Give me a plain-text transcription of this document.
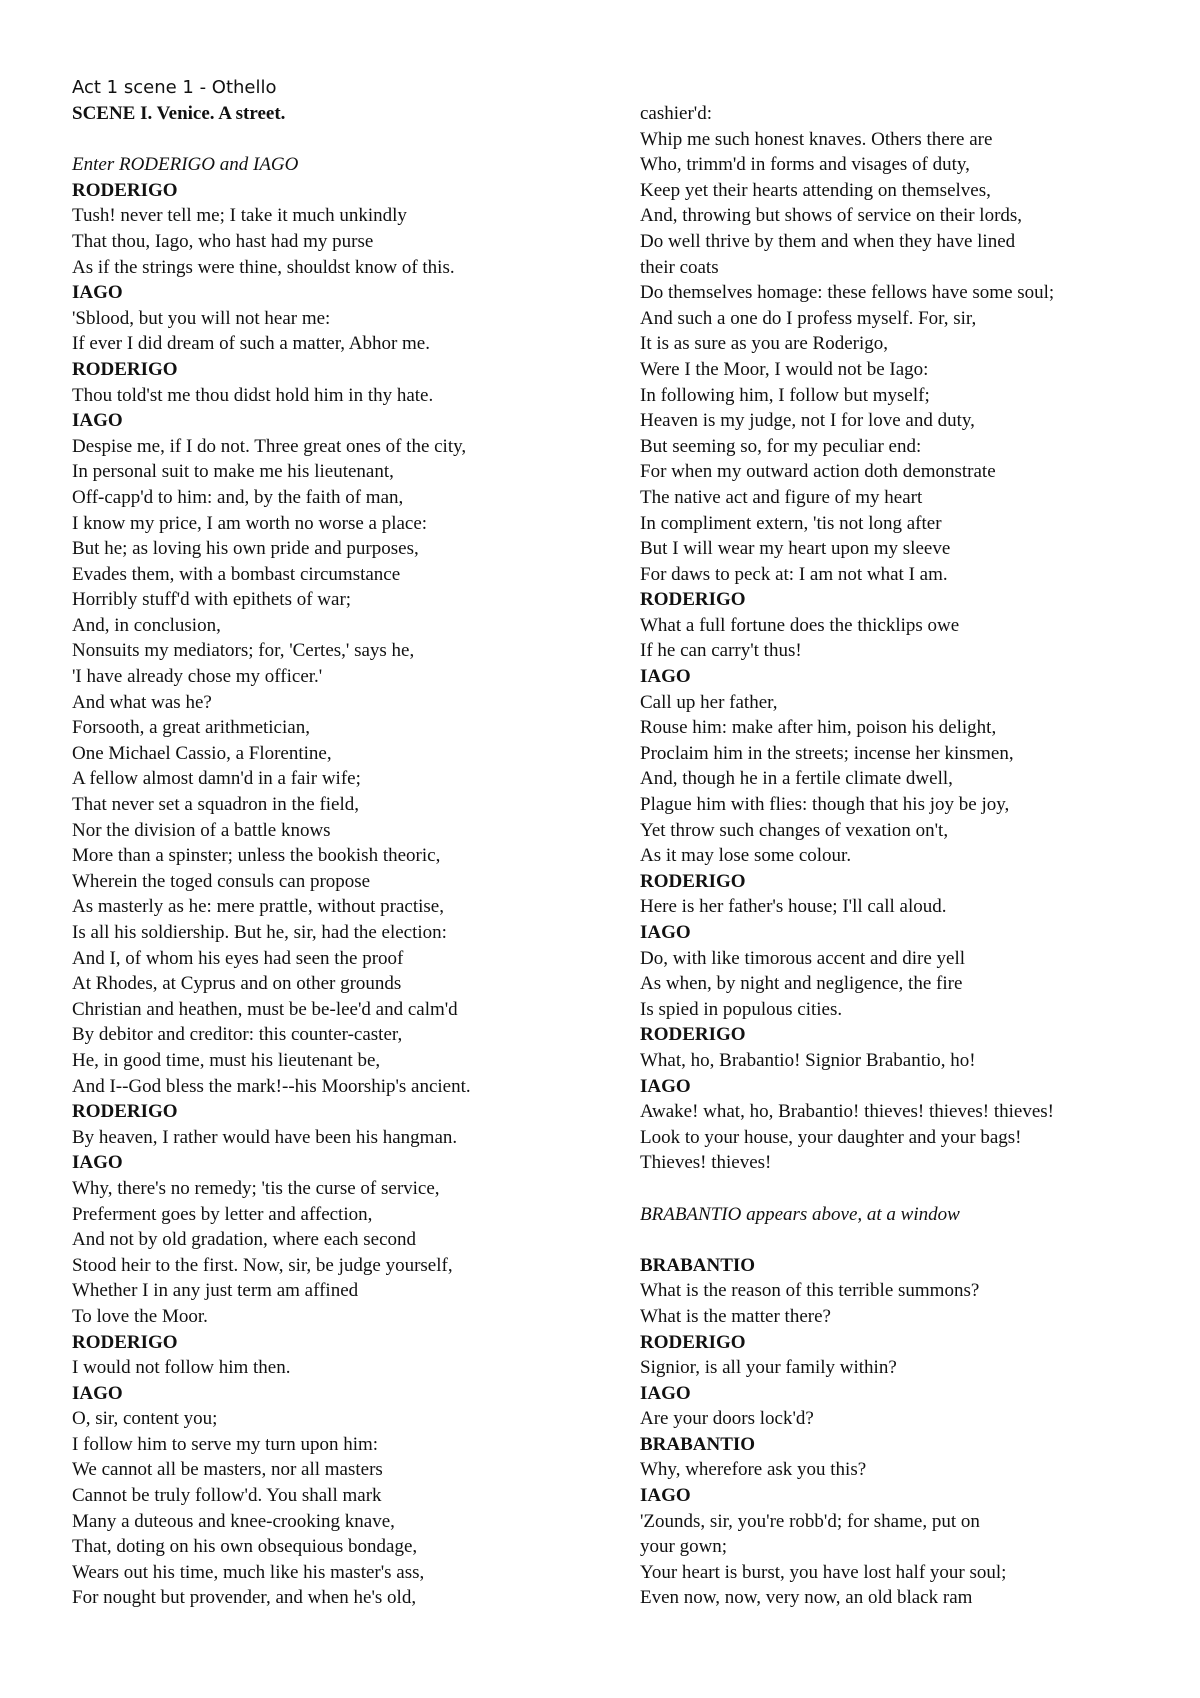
Act 1 scene 1 - Othello
SCENE I. Venice. A street.
Enter RODERIGO and IAGO
RODERIGO
Tush! never tell me; I take it much unkindly
That thou, Iago, who hast had my purse
As if the strings were thine, shouldst know of this.
IAGO
'Sblood, but you will not hear me:
If ever I did dream of such a matter, Abhor me.
RODERIGO
Thou told'st me thou didst hold him in thy hate.
IAGO
Despise me, if I do not. Three great ones of the city,
In personal suit to make me his lieutenant,
Off-capp'd to him: and, by the faith of man,
I know my price, I am worth no worse a place:
But he; as loving his own pride and purposes,
Evades them, with a bombast circumstance
Horribly stuff'd with epithets of war;
And, in conclusion,
Nonsuits my mediators; for, 'Certes,' says he,
'I have already chose my officer.'
And what was he?
Forsooth, a great arithmetician,
One Michael Cassio, a Florentine,
A fellow almost damn'd in a fair wife;
That never set a squadron in the field,
Nor the division of a battle knows
More than a spinster; unless the bookish theoric,
Wherein the toged consuls can propose
As masterly as he: mere prattle, without practise,
Is all his soldiership. But he, sir, had the election:
And I, of whom his eyes had seen the proof
At Rhodes, at Cyprus and on other grounds
Christian and heathen, must be be-lee'd and calm'd
By debitor and creditor: this counter-caster,
He, in good time, must his lieutenant be,
And I--God bless the mark!--his Moorship's ancient.
RODERIGO
By heaven, I rather would have been his hangman.
IAGO
Why, there's no remedy; 'tis the curse of service,
Preferment goes by letter and affection,
And not by old gradation, where each second
Stood heir to the first. Now, sir, be judge yourself,
Whether I in any just term am affined
To love the Moor.
RODERIGO
I would not follow him then.
IAGO
O, sir, content you;
I follow him to serve my turn upon him:
We cannot all be masters, nor all masters
Cannot be truly follow'd. You shall mark
Many a duteous and knee-crooking knave,
That, doting on his own obsequious bondage,
Wears out his time, much like his master's ass,
For nought but provender, and when he's old,
cashier'd:
Whip me such honest knaves. Others there are
Who, trimm'd in forms and visages of duty,
Keep yet their hearts attending on themselves,
And, throwing but shows of service on their lords,
Do well thrive by them and when they have lined
their coats
Do themselves homage: these fellows have some soul;
And such a one do I profess myself. For, sir,
It is as sure as you are Roderigo,
Were I the Moor, I would not be Iago:
In following him, I follow but myself;
Heaven is my judge, not I for love and duty,
But seeming so, for my peculiar end:
For when my outward action doth demonstrate
The native act and figure of my heart
In compliment extern, 'tis not long after
But I will wear my heart upon my sleeve
For daws to peck at: I am not what I am.
RODERIGO
What a full fortune does the thicklips owe
If he can carry't thus!
IAGO
Call up her father,
Rouse him: make after him, poison his delight,
Proclaim him in the streets; incense her kinsmen,
And, though he in a fertile climate dwell,
Plague him with flies: though that his joy be joy,
Yet throw such changes of vexation on't,
As it may lose some colour.
RODERIGO
Here is her father's house; I'll call aloud.
IAGO
Do, with like timorous accent and dire yell
As when, by night and negligence, the fire
Is spied in populous cities.
RODERIGO
What, ho, Brabantio! Signior Brabantio, ho!
IAGO
Awake! what, ho, Brabantio! thieves! thieves! thieves!
Look to your house, your daughter and your bags!
Thieves! thieves!
BRABANTIO appears above, at a window
BRABANTIO
What is the reason of this terrible summons?
What is the matter there?
RODERIGO
Signior, is all your family within?
IAGO
Are your doors lock'd?
BRABANTIO
Why, wherefore ask you this?
IAGO
'Zounds, sir, you're robb'd; for shame, put on
your gown;
Your heart is burst, you have lost half your soul;
Even now, now, very now, an old black ram
